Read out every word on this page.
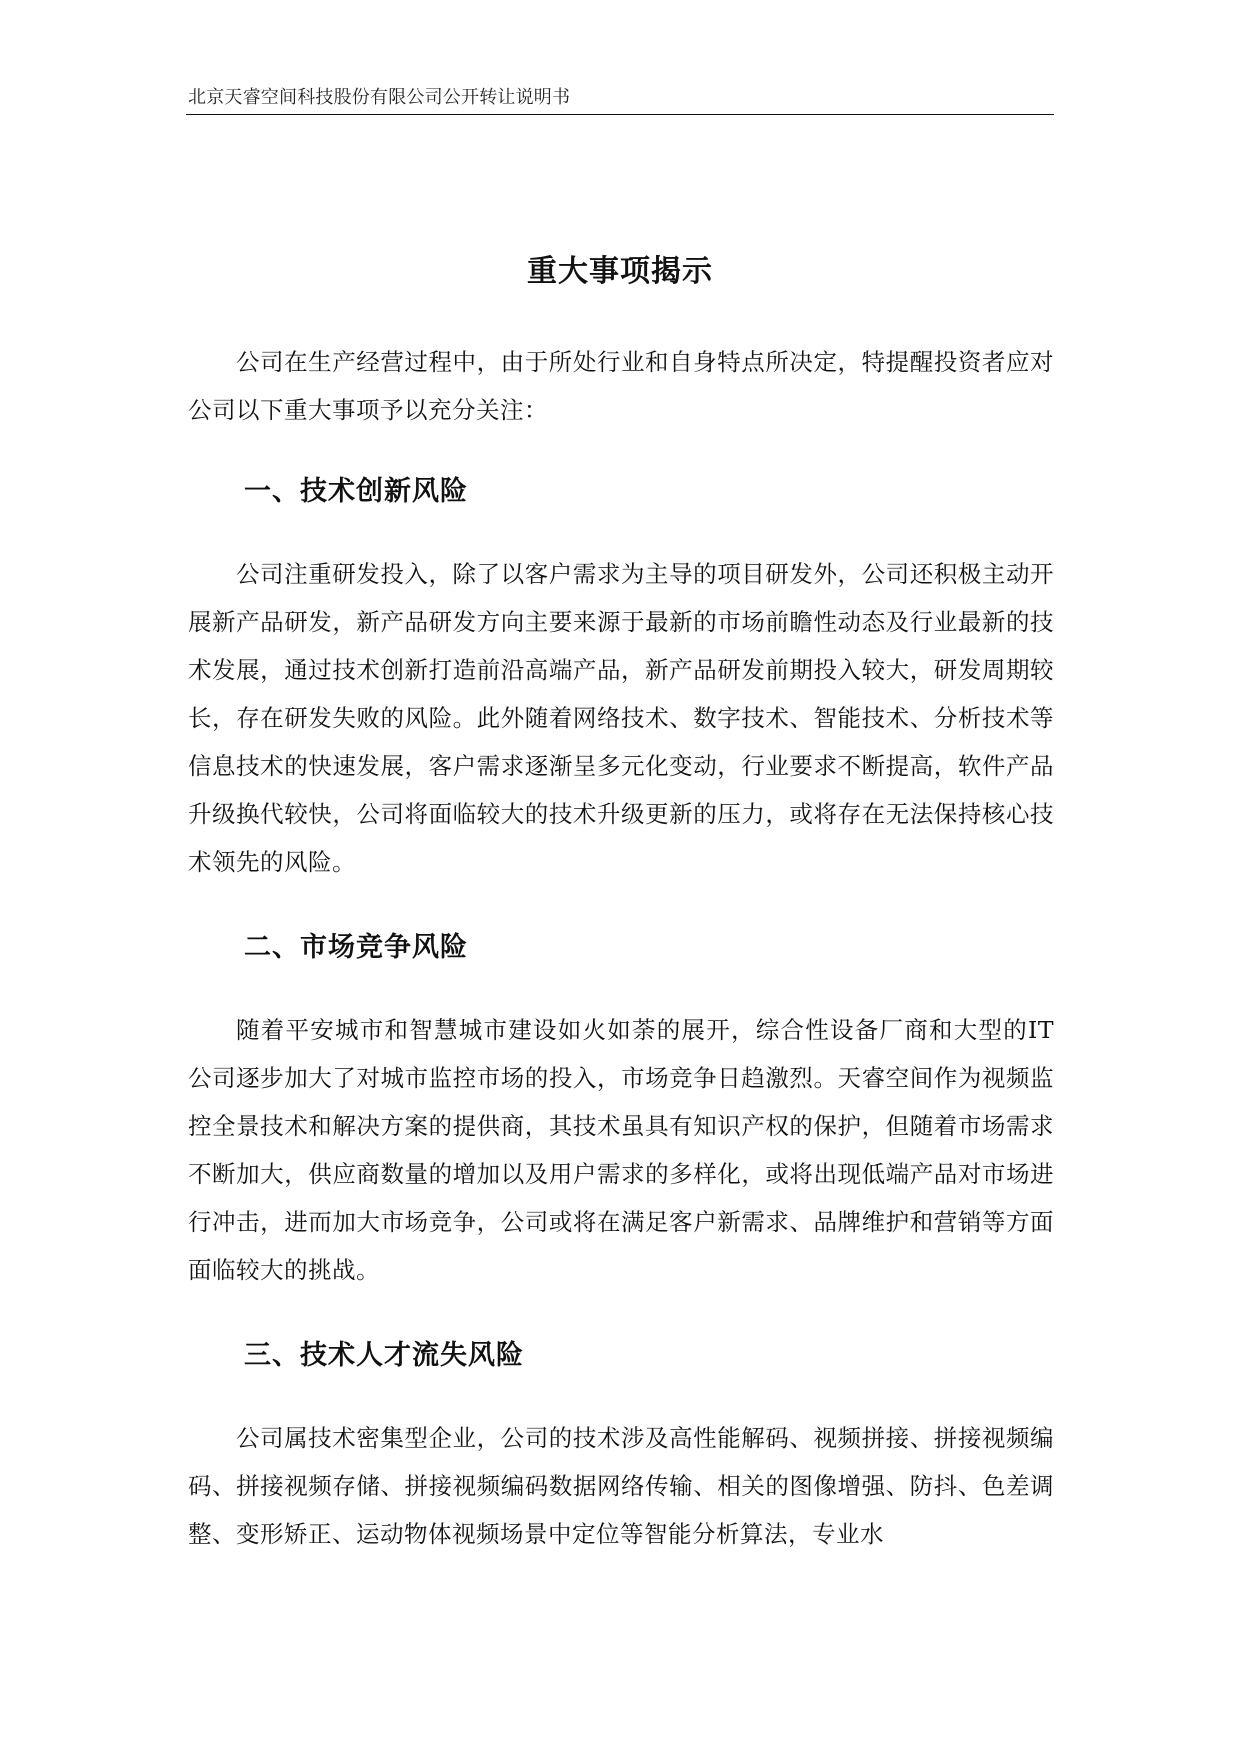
北京天睿空间科技股份有限公司公开转让说明书
重大事项揭示
公司在生产经营过程中，由于所处行业和自身特点所决定，特提醒投资者应对公司以下重大事项予以充分关注：
一、技术创新风险
公司注重研发投入，除了以客户需求为主导的项目研发外，公司还积极主动开展新产品研发，新产品研发方向主要来源于最新的市场前瞻性动态及行业最新的技术发展，通过技术创新打造前沿高端产品，新产品研发前期投入较大，研发周期较长，存在研发失败的风险。此外随着网络技术、数字技术、智能技术、分析技术等信息技术的快速发展，客户需求逐渐呈多元化变动，行业要求不断提高，软件产品升级换代较快，公司将面临较大的技术升级更新的压力，或将存在无法保持核心技术领先的风险。
二、市场竞争风险
随着平安城市和智慧城市建设如火如荼的展开，综合性设备厂商和大型的IT 公司逐步加大了对城市监控市场的投入，市场竞争日趋激烈。天睿空间作为视频监控全景技术和解决方案的提供商，其技术虽具有知识产权的保护，但随着市场需求不断加大，供应商数量的增加以及用户需求的多样化，或将出现低端产品对市场进行冲击，进而加大市场竞争，公司或将在满足客户新需求、品牌维护和营销等方面面临较大的挑战。
三、技术人才流失风险
公司属技术密集型企业，公司的技术涉及高性能解码、视频拼接、拼接视频编码、拼接视频存储、拼接视频编码数据网络传输、相关的图像增强、防抖、色差调整、变形矫正、运动物体视频场景中定位等智能分析算法，专业水
